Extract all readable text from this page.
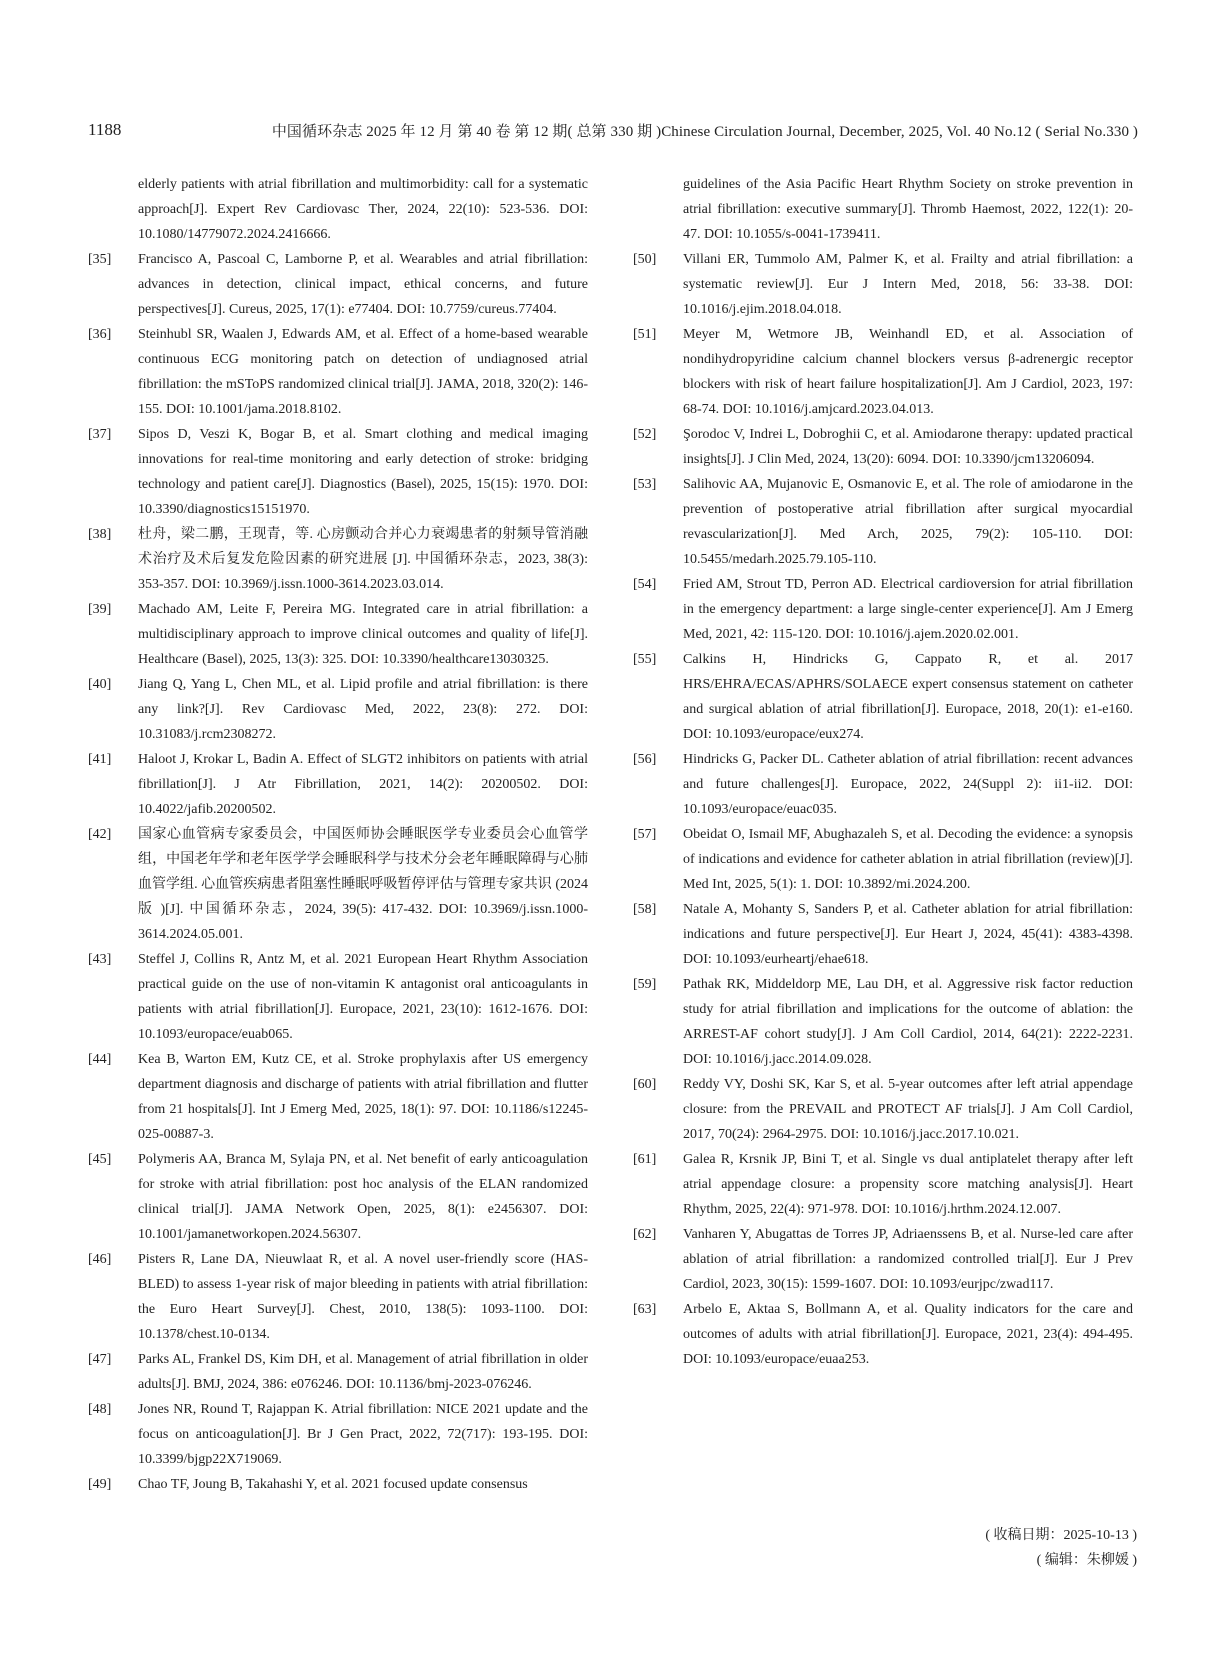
1188	中国循环杂志 2025 年 12 月 第 40 卷 第 12 期( 总第 330 期 )Chinese Circulation Journal, December, 2025, Vol. 40 No.12 ( Serial No.330 )
elderly patients with atrial fibrillation and multimorbidity: call for a systematic approach[J]. Expert Rev Cardiovasc Ther, 2024, 22(10): 523-536. DOI: 10.1080/14779072.2024.2416666.
[35] Francisco A, Pascoal C, Lamborne P, et al. Wearables and atrial fibrillation: advances in detection, clinical impact, ethical concerns, and future perspectives[J]. Cureus, 2025, 17(1): e77404. DOI: 10.7759/cureus.77404.
[36] Steinhubl SR, Waalen J, Edwards AM, et al. Effect of a home-based wearable continuous ECG monitoring patch on detection of undiagnosed atrial fibrillation: the mSToPS randomized clinical trial[J]. JAMA, 2018, 320(2): 146-155. DOI: 10.1001/jama.2018.8102.
[37] Sipos D, Veszi K, Bogar B, et al. Smart clothing and medical imaging innovations for real-time monitoring and early detection of stroke: bridging technology and patient care[J]. Diagnostics (Basel), 2025, 15(15): 1970. DOI: 10.3390/diagnostics15151970.
[38] 杜舟，梁二鹏，王现青，等. 心房颤动合并心力衰竭患者的射频导管消融术治疗及术后复发危险因素的研究进展 [J]. 中国循环杂志，2023, 38(3): 353-357. DOI: 10.3969/j.issn.1000-3614.2023.03.014.
[39] Machado AM, Leite F, Pereira MG. Integrated care in atrial fibrillation: a multidisciplinary approach to improve clinical outcomes and quality of life[J]. Healthcare (Basel), 2025, 13(3): 325. DOI: 10.3390/healthcare13030325.
[40] Jiang Q, Yang L, Chen ML, et al. Lipid profile and atrial fibrillation: is there any link?[J]. Rev Cardiovasc Med, 2022, 23(8): 272. DOI: 10.31083/j.rcm2308272.
[41] Haloot J, Krokar L, Badin A. Effect of SLGT2 inhibitors on patients with atrial fibrillation[J]. J Atr Fibrillation, 2021, 14(2): 20200502. DOI: 10.4022/jafib.20200502.
[42] 国家心血管病专家委员会，中国医师协会睡眠医学专业委员会心血管学组，中国老年学和老年医学学会睡眠科学与技术分会老年睡眠障碍与心肺血管学组. 心血管疾病患者阻塞性睡眠呼吸暂停评估与管理专家共识 (2024 版 )[J]. 中国循环杂志，2024, 39(5): 417-432. DOI: 10.3969/j.issn.1000-3614.2024.05.001.
[43] Steffel J, Collins R, Antz M, et al. 2021 European Heart Rhythm Association practical guide on the use of non-vitamin K antagonist oral anticoagulants in patients with atrial fibrillation[J]. Europace, 2021, 23(10): 1612-1676. DOI: 10.1093/europace/euab065.
[44] Kea B, Warton EM, Kutz CE, et al. Stroke prophylaxis after US emergency department diagnosis and discharge of patients with atrial fibrillation and flutter from 21 hospitals[J]. Int J Emerg Med, 2025, 18(1): 97. DOI: 10.1186/s12245-025-00887-3.
[45] Polymeris AA, Branca M, Sylaja PN, et al. Net benefit of early anticoagulation for stroke with atrial fibrillation: post hoc analysis of the ELAN randomized clinical trial[J]. JAMA Network Open, 2025, 8(1): e2456307. DOI: 10.1001/jamanetworkopen.2024.56307.
[46] Pisters R, Lane DA, Nieuwlaat R, et al. A novel user-friendly score (HAS-BLED) to assess 1-year risk of major bleeding in patients with atrial fibrillation: the Euro Heart Survey[J]. Chest, 2010, 138(5): 1093-1100. DOI: 10.1378/chest.10-0134.
[47] Parks AL, Frankel DS, Kim DH, et al. Management of atrial fibrillation in older adults[J]. BMJ, 2024, 386: e076246. DOI: 10.1136/bmj-2023-076246.
[48] Jones NR, Round T, Rajappan K. Atrial fibrillation: NICE 2021 update and the focus on anticoagulation[J]. Br J Gen Pract, 2022, 72(717): 193-195. DOI: 10.3399/bjgp22X719069.
[49] Chao TF, Joung B, Takahashi Y, et al. 2021 focused update consensus
guidelines of the Asia Pacific Heart Rhythm Society on stroke prevention in atrial fibrillation: executive summary[J]. Thromb Haemost, 2022, 122(1): 20-47. DOI: 10.1055/s-0041-1739411.
[50] Villani ER, Tummolo AM, Palmer K, et al. Frailty and atrial fibrillation: a systematic review[J]. Eur J Intern Med, 2018, 56: 33-38. DOI: 10.1016/j.ejim.2018.04.018.
[51] Meyer M, Wetmore JB, Weinhandl ED, et al. Association of nondihydropyridine calcium channel blockers versus β-adrenergic receptor blockers with risk of heart failure hospitalization[J]. Am J Cardiol, 2023, 197: 68-74. DOI: 10.1016/j.amjcard.2023.04.013.
[52] Şorodoc V, Indrei L, Dobroghii C, et al. Amiodarone therapy: updated practical insights[J]. J Clin Med, 2024, 13(20): 6094. DOI: 10.3390/jcm13206094.
[53] Salihovic AA, Mujanovic E, Osmanovic E, et al. The role of amiodarone in the prevention of postoperative atrial fibrillation after surgical myocardial revascularization[J]. Med Arch, 2025, 79(2): 105-110. DOI: 10.5455/medarh.2025.79.105-110.
[54] Fried AM, Strout TD, Perron AD. Electrical cardioversion for atrial fibrillation in the emergency department: a large single-center experience[J]. Am J Emerg Med, 2021, 42: 115-120. DOI: 10.1016/j.ajem.2020.02.001.
[55] Calkins H, Hindricks G, Cappato R, et al. 2017 HRS/EHRA/ECAS/APHRS/SOLAECE expert consensus statement on catheter and surgical ablation of atrial fibrillation[J]. Europace, 2018, 20(1): e1-e160. DOI: 10.1093/europace/eux274.
[56] Hindricks G, Packer DL. Catheter ablation of atrial fibrillation: recent advances and future challenges[J]. Europace, 2022, 24(Suppl 2): ii1-ii2. DOI: 10.1093/europace/euac035.
[57] Obeidat O, Ismail MF, Abughazaleh S, et al. Decoding the evidence: a synopsis of indications and evidence for catheter ablation in atrial fibrillation (review)[J]. Med Int, 2025, 5(1): 1. DOI: 10.3892/mi.2024.200.
[58] Natale A, Mohanty S, Sanders P, et al. Catheter ablation for atrial fibrillation: indications and future perspective[J]. Eur Heart J, 2024, 45(41): 4383-4398. DOI: 10.1093/eurheartj/ehae618.
[59] Pathak RK, Middeldorp ME, Lau DH, et al. Aggressive risk factor reduction study for atrial fibrillation and implications for the outcome of ablation: the ARREST-AF cohort study[J]. J Am Coll Cardiol, 2014, 64(21): 2222-2231. DOI: 10.1016/j.jacc.2014.09.028.
[60] Reddy VY, Doshi SK, Kar S, et al. 5-year outcomes after left atrial appendage closure: from the PREVAIL and PROTECT AF trials[J]. J Am Coll Cardiol, 2017, 70(24): 2964-2975. DOI: 10.1016/j.jacc.2017.10.021.
[61] Galea R, Krsnik JP, Bini T, et al. Single vs dual antiplatelet therapy after left atrial appendage closure: a propensity score matching analysis[J]. Heart Rhythm, 2025, 22(4): 971-978. DOI: 10.1016/j.hrthm.2024.12.007.
[62] Vanharen Y, Abugattas de Torres JP, Adriaenssens B, et al. Nurse-led care after ablation of atrial fibrillation: a randomized controlled trial[J]. Eur J Prev Cardiol, 2023, 30(15): 1599-1607. DOI: 10.1093/eurjpc/zwad117.
[63] Arbelo E, Aktaa S, Bollmann A, et al. Quality indicators for the care and outcomes of adults with atrial fibrillation[J]. Europace, 2021, 23(4): 494-495. DOI: 10.1093/europace/euaa253.
( 收稿日期：2025-10-13 )
( 编辑：朱柳媛 )
